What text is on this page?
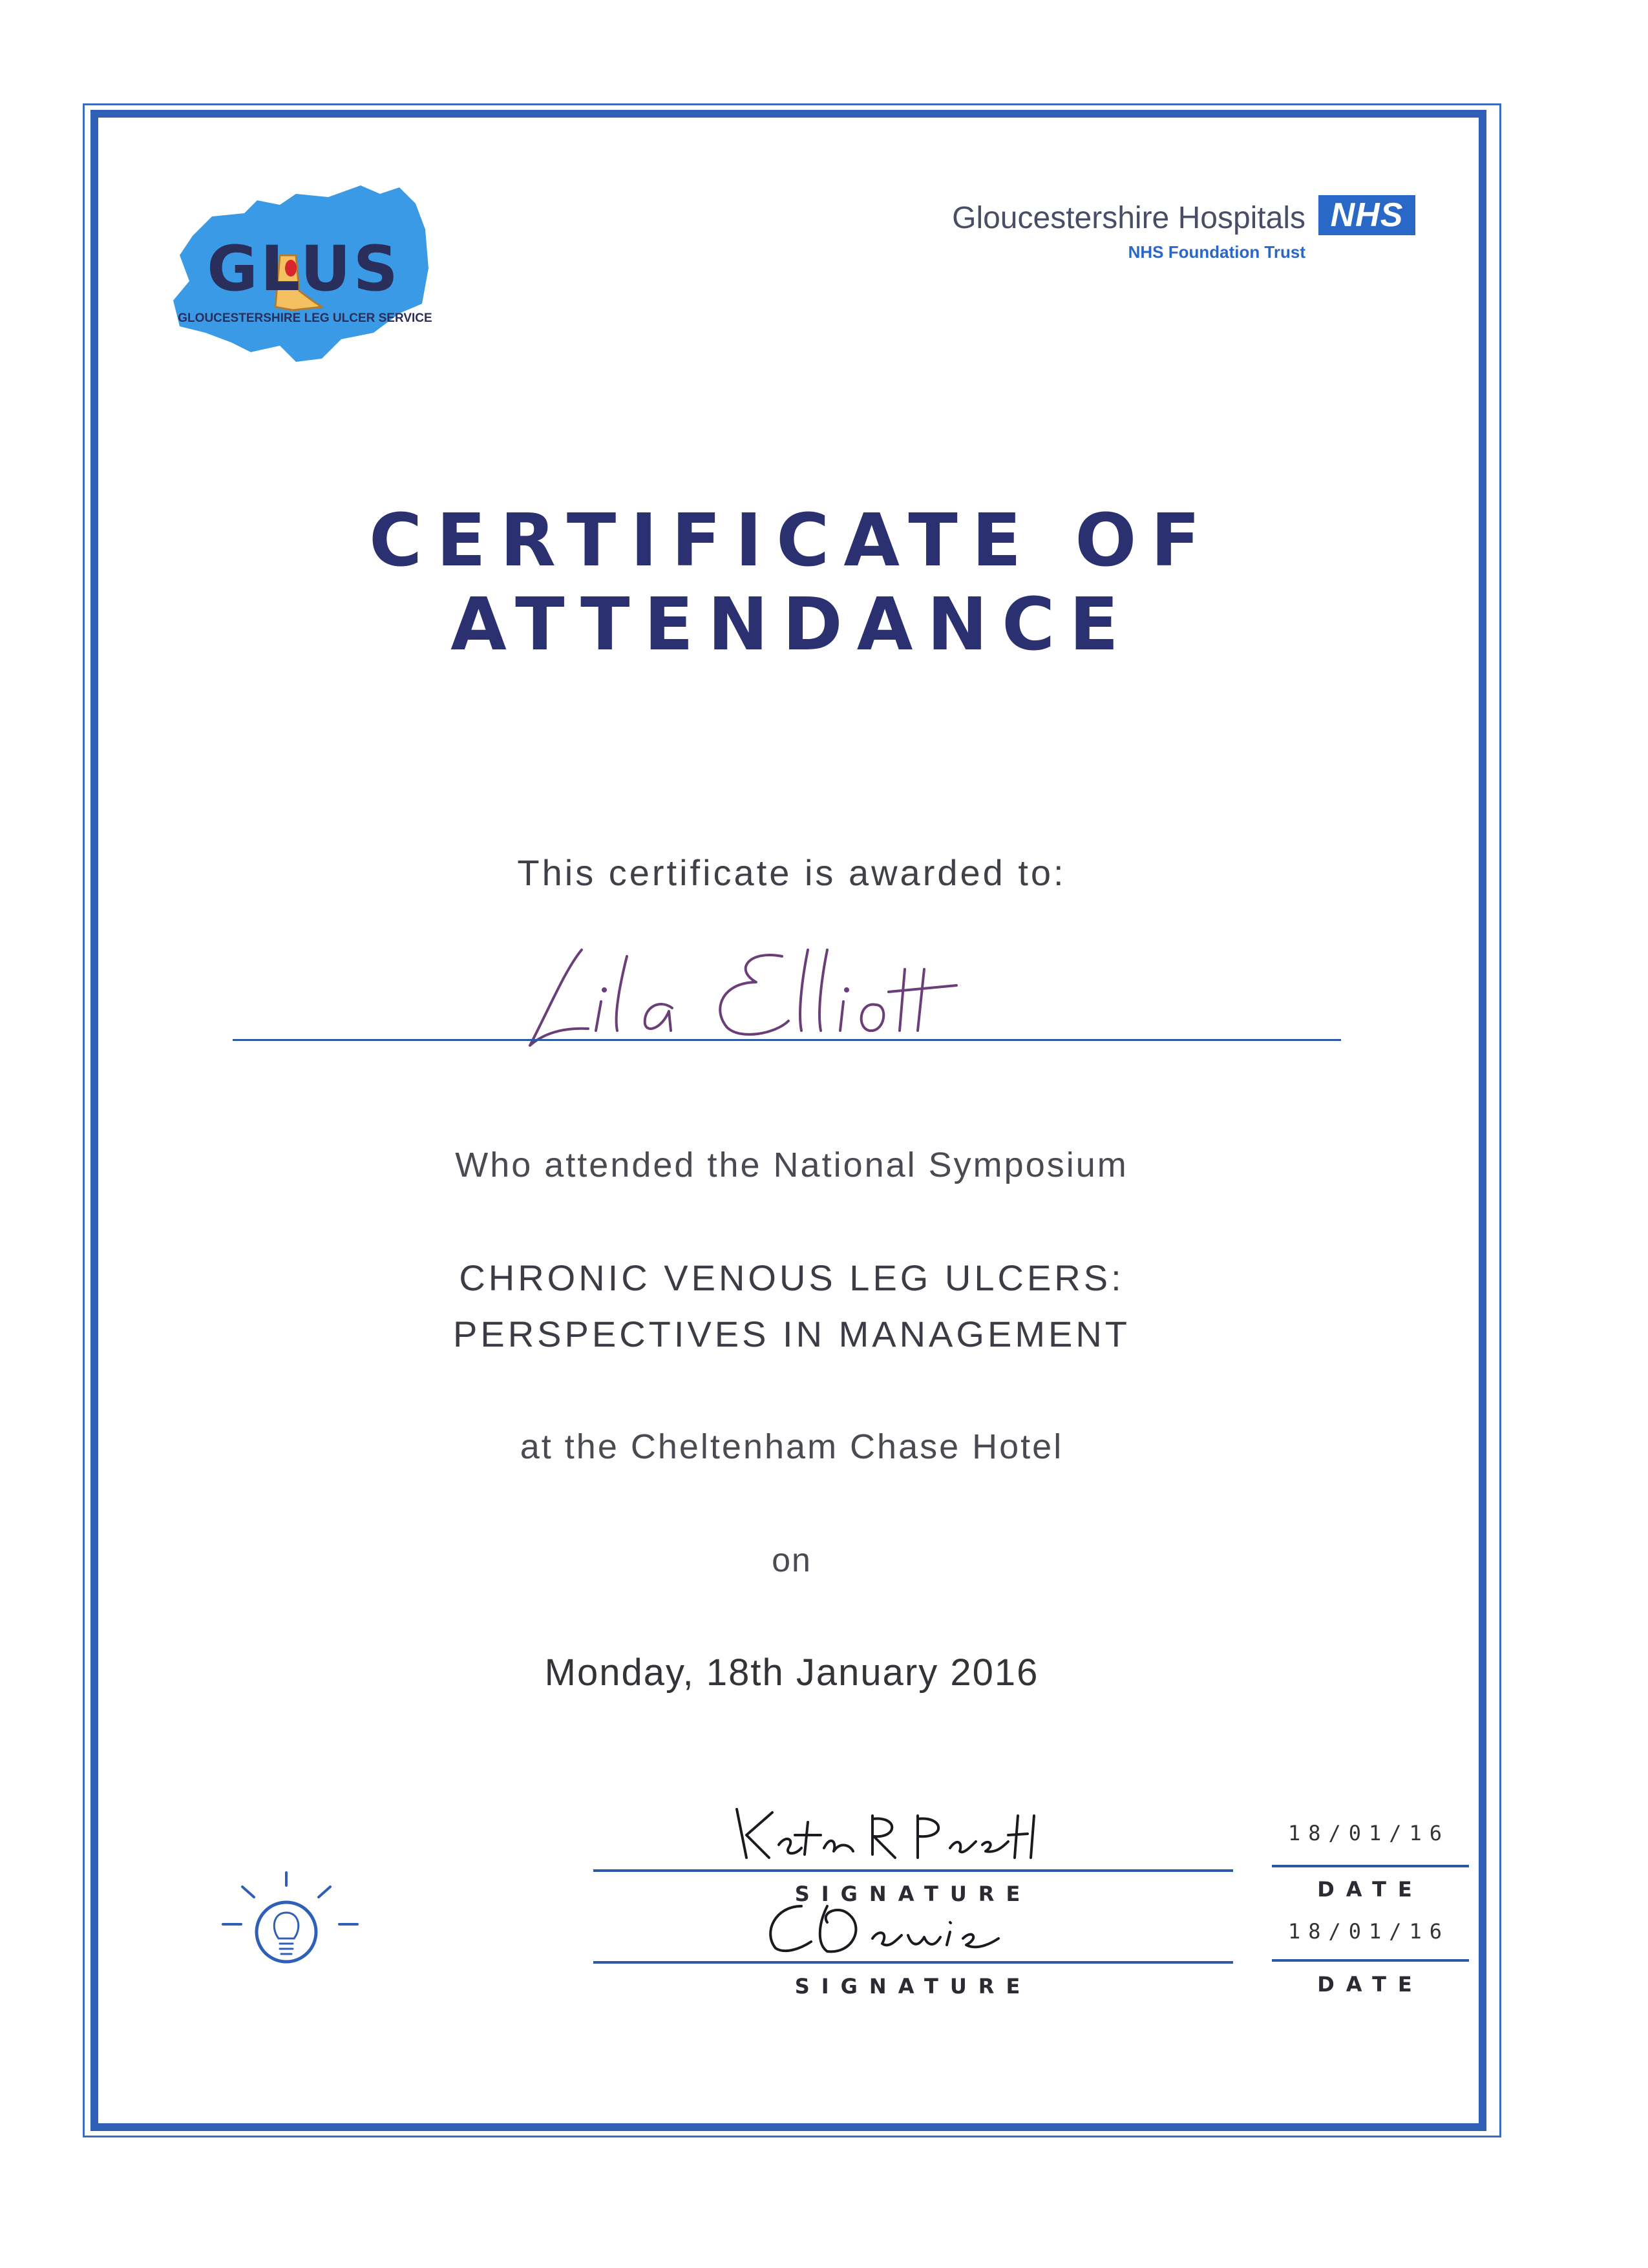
GLUS
GLOUCESTERSHIRE LEG ULCER SERVICE
Gloucestershire Hospitals NHS
NHS Foundation Trust
CERTIFICATE OF
ATTENDANCE
This certificate is awarded to:
Who attended the National Symposium
CHRONIC VENOUS LEG ULCERS:
PERSPECTIVES IN MANAGEMENT
at the Cheltenham Chase Hotel
on
Monday, 18th January 2016
SIGNATURE
18/01/16
DATE
SIGNATURE
18/01/16
DATE
